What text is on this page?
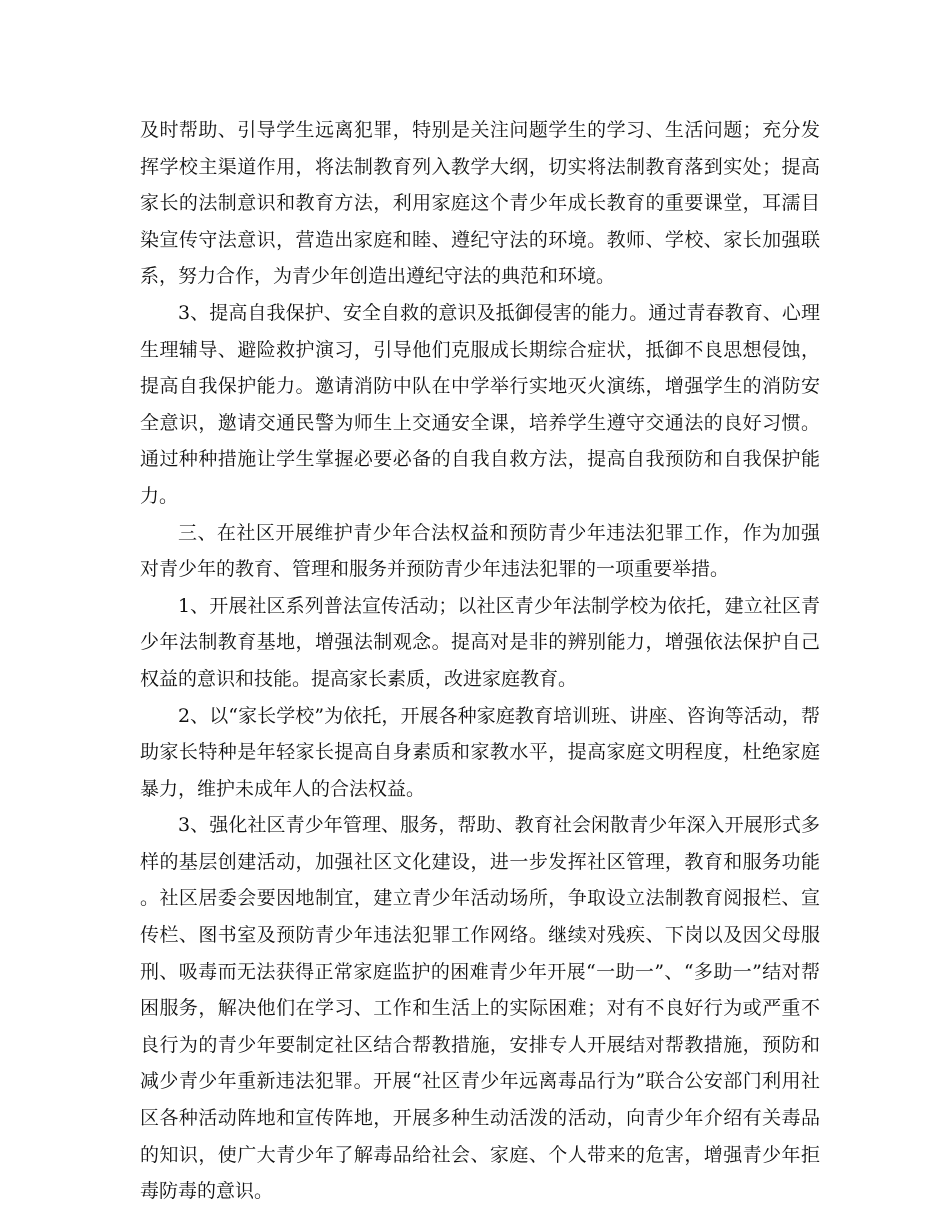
及时帮助、引导学生远离犯罪，特别是关注问题学生的学习、生活问题；充分发挥学校主渠道作用，将法制教育列入教学大纲，切实将法制教育落到实处；提高家长的法制意识和教育方法，利用家庭这个青少年成长教育的重要课堂，耳濡目染宣传守法意识，营造出家庭和睦、遵纪守法的环境。教师、学校、家长加强联系，努力合作，为青少年创造出遵纪守法的典范和环境。

3、提高自我保护、安全自救的意识及抵御侵害的能力。通过青春教育、心理生理辅导、避险救护演习，引导他们克服成长期综合症状，抵御不良思想侵蚀，提高自我保护能力。邀请消防中队在中学举行实地灭火演练，增强学生的消防安全意识，邀请交通民警为师生上交通安全课，培养学生遵守交通法的良好习惯。通过种种措施让学生掌握必要必备的自我自救方法，提高自我预防和自我保护能力。

三、在社区开展维护青少年合法权益和预防青少年违法犯罪工作，作为加强对青少年的教育、管理和服务并预防青少年违法犯罪的一项重要举措。

1、开展社区系列普法宣传活动；以社区青少年法制学校为依托，建立社区青少年法制教育基地，增强法制观念。提高对是非的辨别能力，增强依法保护自己权益的意识和技能。提高家长素质，改进家庭教育。

2、以“家长学校”为依托，开展各种家庭教育培训班、讲座、咨询等活动，帮助家长特种是年轻家长提高自身素质和家教水平，提高家庭文明程度，杜绝家庭暴力，维护未成年人的合法权益。

3、强化社区青少年管理、服务，帮助、教育社会闲散青少年深入开展形式多样的基层创建活动，加强社区文化建设，进一步发挥社区管理，教育和服务功能。社区居委会要因地制宜，建立青少年活动场所，争取设立法制教育阅报栏、宣传栏、图书室及预防青少年违法犯罪工作网络。继续对残疾、下岗以及因父母服刑、吸毒而无法获得正常家庭监护的困难青少年开展“一助一”、“多助一”结对帮困服务，解决他们在学习、工作和生活上的实际困难；对有不良好行为或严重不良行为的青少年要制定社区结合帮教措施，安排专人开展结对帮教措施，预防和减少青少年重新违法犯罪。开展“社区青少年远离毒品行为”联合公安部门利用社区各种活动阵地和宣传阵地，开展多种生动活泼的活动，向青少年介绍有关毒品的知识，使广大青少年了解毒品给社会、家庭、个人带来的危害，增强青少年拒毒防毒的意识。
